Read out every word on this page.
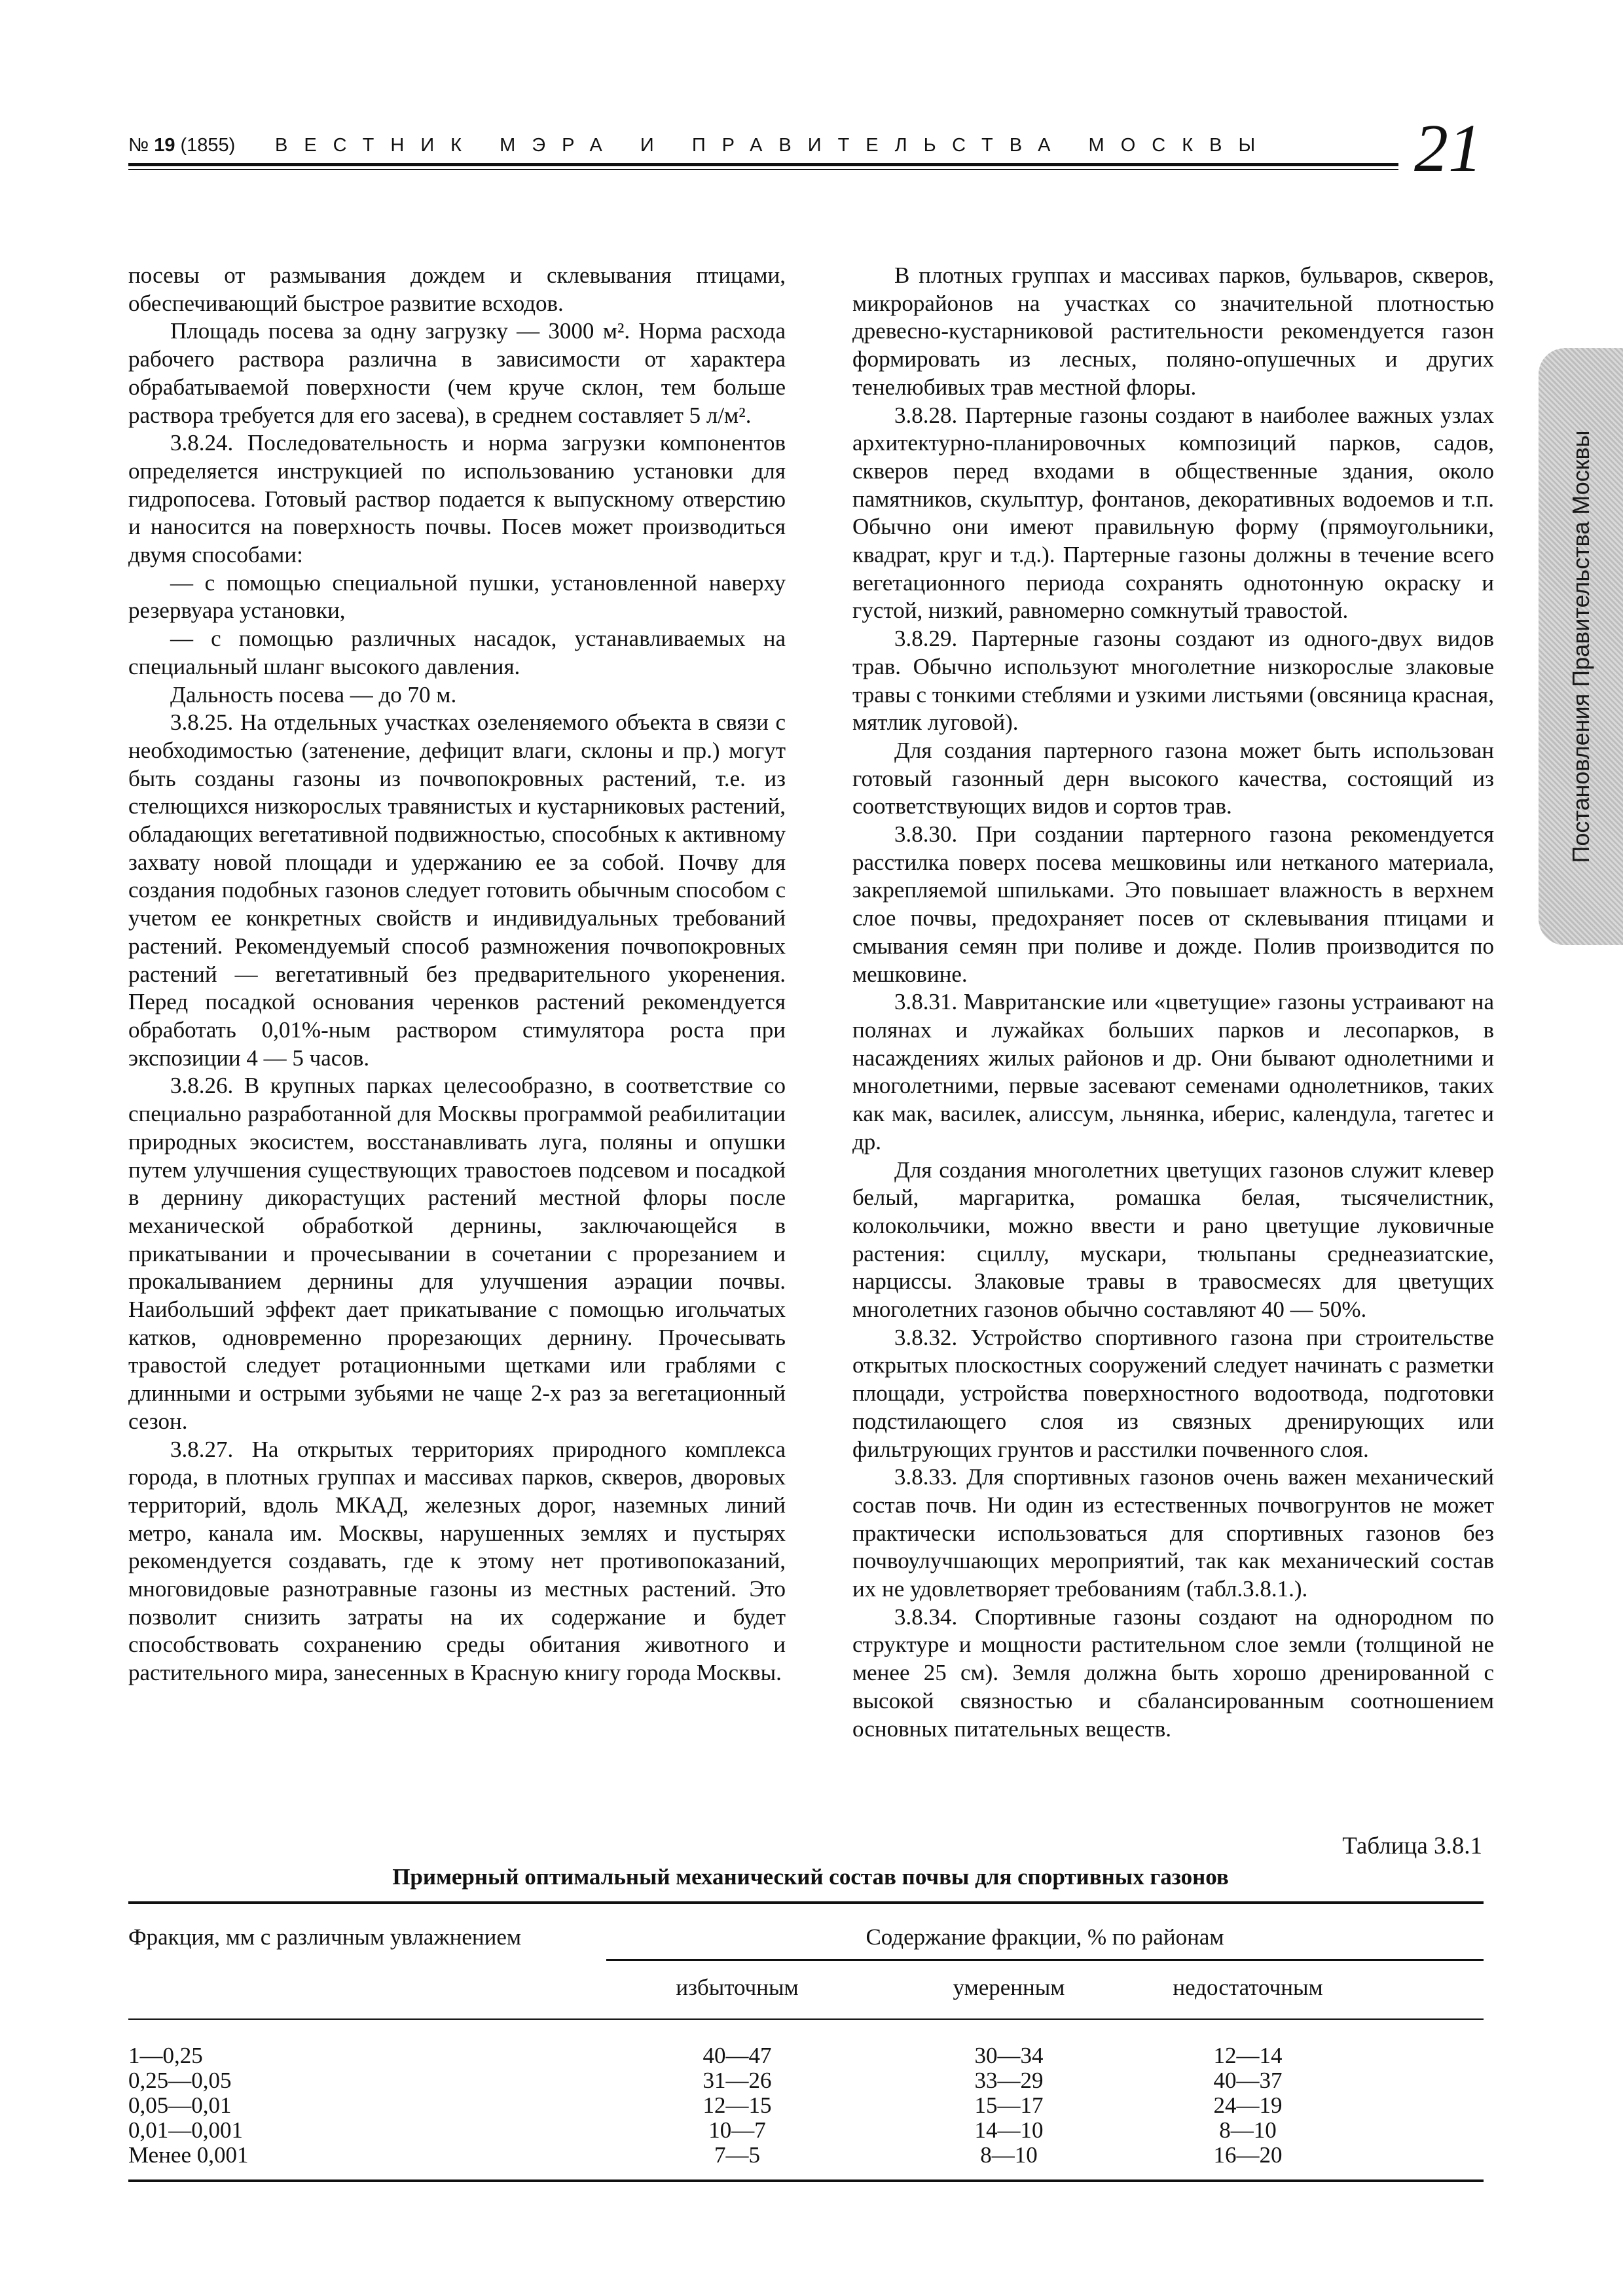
№ 19 (1855) ВЕСТНИК МЭРА И ПРАВИТЕЛЬСТВА МОСКВЫ 21
Постановления Правительства Москвы

посевы от размывания дождем и склевывания птицами, обеспечивающий быстрое развитие всходов.

Площадь посева за одну загрузку — 3000 м². Норма расхода рабочего раствора различна в зависимости от характера обрабатываемой поверхности (чем круче склон, тем больше раствора требуется для его засева), в среднем составляет 5 л/м².

3.8.24. Последовательность и норма загрузки компонентов определяется инструкцией по использованию установки для гидропосева. Готовый раствор подается к выпускному отверстию и наносится на поверхность почвы. Посев может производиться двумя способами:

— с помощью специальной пушки, установленной наверху резервуара установки,

— с помощью различных насадок, устанавливаемых на специальный шланг высокого давления.

Дальность посева — до 70 м.

3.8.25. На отдельных участках озеленяемого объекта в связи с необходимостью (затенение, дефицит влаги, склоны и пр.) могут быть созданы газоны из почвопокровных растений, т.е. из стелющихся низкорослых травянистых и кустарниковых растений, обладающих вегетативной подвижностью, способных к активному захвату новой площади и удержанию ее за собой. Почву для создания подобных газонов следует готовить обычным способом с учетом ее конкретных свойств и индивидуальных требований растений. Рекомендуемый способ размножения почвопокровных растений — вегетативный без предварительного укоренения. Перед посадкой основания черенков растений рекомендуется обработать 0,01%-ным раствором стимулятора роста при экспозиции 4 — 5 часов.

3.8.26. В крупных парках целесообразно, в соответствие со специально разработанной для Москвы программой реабилитации природных экосистем, восстанавливать луга, поляны и опушки путем улучшения существующих травостоев подсевом и посадкой в дернину дикорастущих растений местной флоры после механической обработкой дернины, заключающейся в прикатывании и прочесывании в сочетании с прорезанием и прокалыванием дернины для улучшения аэрации почвы. Наибольший эффект дает прикатывание с помощью игольчатых катков, одновременно прорезающих дернину. Прочесывать травостой следует ротационными щетками или граблями с длинными и острыми зубьями не чаще 2-х раз за вегетационный сезон.

3.8.27. На открытых территориях природного комплекса города, в плотных группах и массивах парков, скверов, дворовых территорий, вдоль МКАД, железных дорог, наземных линий метро, канала им. Москвы, нарушенных землях и пустырях рекомендуется создавать, где к этому нет противопоказаний, многовидовые разнотравные газоны из местных растений. Это позволит снизить затраты на их содержание и будет способствовать сохранению среды обитания животного и растительного мира, занесенных в Красную книгу города Москвы.

В плотных группах и массивах парков, бульваров, скверов, микрорайонов на участках со значительной плотностью древесно-кустарниковой растительности рекомендуется газон формировать из лесных, поляно-опушечных и других тенелюбивых трав местной флоры.

3.8.28. Партерные газоны создают в наиболее важных узлах архитектурно-планировочных композиций парков, садов, скверов перед входами в общественные здания, около памятников, скульптур, фонтанов, декоративных водоемов и т.п. Обычно они имеют правильную форму (прямоугольники, квадрат, круг и т.д.). Партерные газоны должны в течение всего вегетационного периода сохранять однотонную окраску и густой, низкий, равномерно сомкнутый травостой.

3.8.29. Партерные газоны создают из одного-двух видов трав. Обычно используют многолетние низкорослые злаковые травы с тонкими стеблями и узкими листьями (овсяница красная, мятлик луговой).

Для создания партерного газона может быть использован готовый газонный дерн высокого качества, состоящий из соответствующих видов и сортов трав.

3.8.30. При создании партерного газона рекомендуется расстилка поверх посева мешковины или нетканого материала, закрепляемой шпильками. Это повышает влажность в верхнем слое почвы, предохраняет посев от склевывания птицами и смывания семян при поливе и дожде. Полив производится по мешковине.

3.8.31. Мавританские или «цветущие» газоны устраивают на полянах и лужайках больших парков и лесопарков, в насаждениях жилых районов и др. Они бывают однолетними и многолетними, первые засевают семенами однолетников, таких как мак, василек, алиссум, льнянка, иберис, календула, тагетес и др.

Для создания многолетних цветущих газонов служит клевер белый, маргаритка, ромашка белая, тысячелистник, колокольчики, можно ввести и рано цветущие луковичные растения: сциллу, мускари, тюльпаны среднеазиатские, нарциссы. Злаковые травы в травосмесях для цветущих многолетних газонов обычно составляют 40 — 50%.

3.8.32. Устройство спортивного газона при строительстве открытых плоскостных сооружений следует начинать с разметки площади, устройства поверхностного водоотвода, подготовки подстилающего слоя из связных дренирующих или фильтрующих грунтов и расстилки почвенного слоя.

3.8.33. Для спортивных газонов очень важен механический состав почв. Ни один из естественных почвогрунтов не может практически использоваться для спортивных газонов без почвоулучшающих мероприятий, так как механический состав их не удовлетворяет требованиям (табл.3.8.1.).

3.8.34. Спортивные газоны создают на однородном по структуре и мощности растительном слое земли (толщиной не менее 25 см). Земля должна быть хорошо дренированной с высокой связностью и сбалансированным соотношением основных питательных веществ.

Таблица 3.8.1
Примерный оптимальный механический состав почвы для спортивных газонов
Фракция, мм с различным увлажнением	Содержание фракции, % по районам			
	избыточным	умеренным	недостаточным	
1—0,25	40—47	30—34	12—14	
0,25—0,05	31—26	33—29	40—37	
0,05—0,01	12—15	15—17	24—19	
0,01—0,001	10—7	14—10	8—10	
Менее 0,001	7—5	8—10	16—20	
